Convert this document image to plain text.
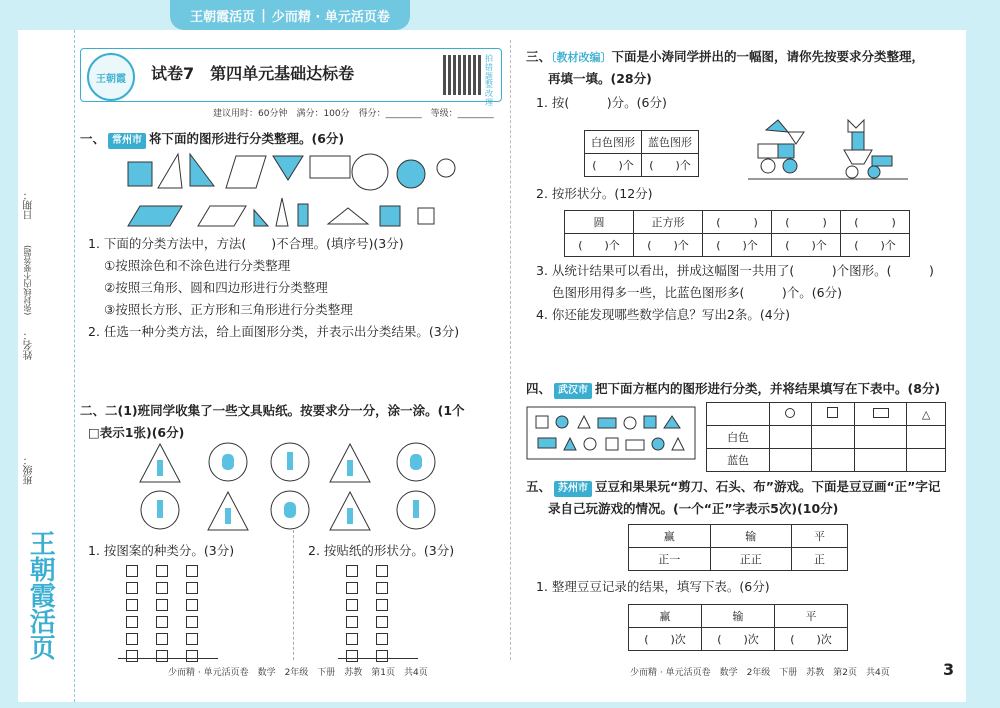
王朝霞活页 | 少而精 · 单元活页卷
日期：
(弥封线内不要答题)
姓名：
班级：
王朝霞活页
王朝霞	试卷7　第四单元基础达标卷
拍错题整改理
建议用时：60分钟　满分：100分　得分：________　等级：________
一、 常州市 将下面的图形进行分类整理。(6分)
1. 下面的分类方法中，方法(　　)不合理。(填序号)(3分)
①按照涂色和不涂色进行分类整理
②按照三角形、圆和四边形进行分类整理
③按照长方形、正方形和三角形进行分类整理
2. 任选一种分类方法，给上面图形分类，并表示出分类结果。(3分)
二、二(1)班同学收集了一些文具贴纸。按要求分一分，涂一涂。(1个
□表示1张)(6分)
1. 按图案的种类分。(3分)	2. 按贴纸的形状分。(3分)
少而精 · 单元活页卷　数学　2年级　下册　苏教　第1页　共4页
三、〔教材改编〕下面是小涛同学拼出的一幅图，请你先按要求分类整理，
再填一填。(28分)
1. 按(　　　)分。(6分)
白色图形	蓝色图形
(　　)个	(　　)个
2. 按形状分。(12分)
圆	正方形	(　　　)	(　　　)	(　　　)
(　　)个	(　　)个	(　　)个	(　　)个	(　　)个
3. 从统计结果可以看出，拼成这幅图一共用了(　　　)个图形。(　　　)
色图形用得多一些，比蓝色图形多(　　　)个。(6分)
4. 你还能发现哪些数学信息？写出2条。(4分)
四、 武汉市 把下面方框内的图形进行分类，并将结果填写在下表中。(8分)
				△
白色				
蓝色				
五、 苏州市 豆豆和果果玩“剪刀、石头、布”游戏。下面是豆豆画“正”字记
录自己玩游戏的情况。(一个“正”字表示5次)(10分)
赢	输	平
正一	正正	正
1. 整理豆豆记录的结果，填写下表。(6分)
赢	输	平
(　　)次	(　　)次	(　　)次
少而精 · 单元活页卷　数学　2年级　下册　苏教　第2页　共4页	3
